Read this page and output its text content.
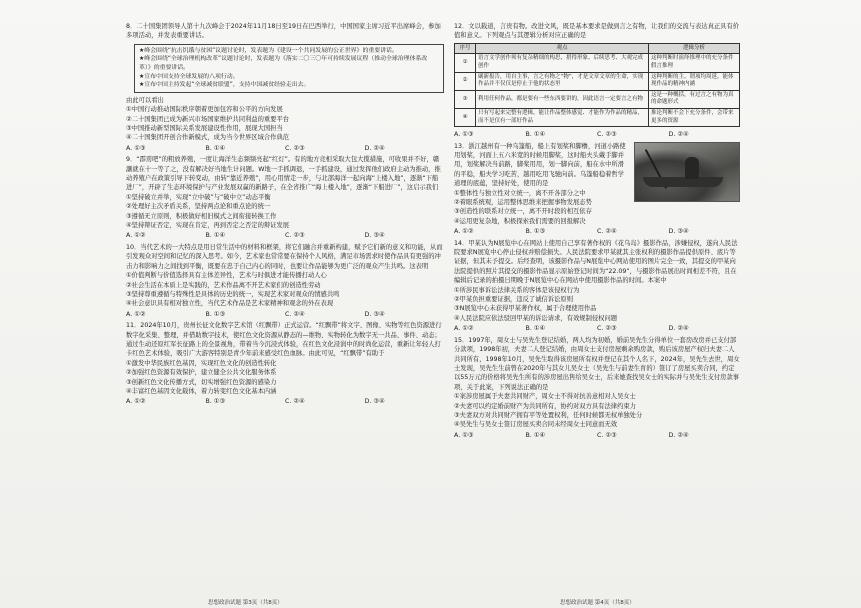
8．二十国集团领导人第十九次峰会于2024年11月18日至19日在巴西举行，中国国家主席习近平出席峰会，参加多项活动，并发表重要讲话。

★峰会围绕“抗击饥饿与贫困”议题讨论时，发表题为《建设一个共同发展的公正世界》的重要讲话。
★峰会围绕“全球治理机构改革”议题讨论时，发表题为《落实二〇三〇年可持续发展议程（推动全球治理体系改革）》的重要讲话。
★宣布中国支持全球发展的八项行动。
★宣布中国主持发起“全球减贫联盟”，支持中国减贫经验走出去。

由此可以看出

①中国行动推动国际秩序朝着更加包容和公平的方向发展

②二十国集团已成为新兴市场国家维护共同利益的重要平台

③中国推动新型国际关系发展建设性作用，展现大国担当

④二十国集团开创合作新模式，成为当今世界区域合作典范

A. ①③	B. ①④	C. ②③	D. ②④

9．“霹雳吧”的粗放养殖，一度让海洋生态频频亮起“红灯”。有的地方竞相采取大包大揽措施，可收果并不好，赣灏就在十一等了之，没有解决好当地生计问题。W地一手抓调退，一手抓建设，通过发挥他们政府主动为推动，推动养殖户在政策引导下转变动，由转“靠近养殖”，用心用情走一步，与北部海洋一起向海“上楼入地”，逐渐“下船进厂”，开辟了生态环境保护与产业发展双赢的新路子，在全省推广“海上楼入地”，逐渐“下船进厂”，这启示我们

①坚持破立并举，实现“立中破”与“破中立”动态平衡

②处理好主次矛盾关系，坚持两点论和重点论的统一

③遵循无立原则，积极做好相旧模式之间衔接转换工作

④坚持辩证否定，实现在肯定，再到否定之否定的辩证发展

A. ①②	B. ①④	C. ②③	D. ③④

10．当代艺术的一大特点是用日常生活中的材料和框架，将它们融合并重新构建，赋予它们新的意义和功能，从而引发观众对空间和记忆的深入思考。如今，艺术家也常常要在保持个人风格，满足市场需求时使作品具有更强的冲击力和影响力之间找到平衡，既要在忠于自己内心的同时，也要让作品能够为更广泛的观众产生共鸣。这表明

①价值判断与价值选择具有主体差异性，艺术与时俱进才能传播打动人心

②社会生活在本质上是实践的，艺术作品离不开艺术家们的创造性劳动

③坚持尊重遵循与特殊性是具体的历史的统一，实现艺术家对观众的情感共鸣

④社会意识具有相对独立性，当代艺术作品是艺术家精神和观念的外在表现

A. ①②	B. ①③	C. ②④	D. ③④

11．2024年10月，贵州长征文化数字艺术馆（红飘带）正式运营。“红飘带”将文字、图像、实物等红色资源进行数字化采集、整理，并借助数字技术，使红色文化资源从静态的—维物、实物转化为数字无一共品、事件、动态；通过生动还原红军长征路上的全景视角，带着当今沉浸式体验，在红色文化浸润中的时尚化运营，重新让年轻人打卡红色艺术体验，吸引广大游客特别是青少年前来感受红色血脉。由此可见，“红飘带”有助于

①激发中华民族红色基因，实现红色文化的创造性转化

②加强红色资源有效保护，建立健全公共文化服务体系

③创新红色文化传播方式，切实增强红色资源的感染力

④丰富红色基因文化载体，着力转变红色文化基本内涵

A. ①②	B. ①③	C. ②④	D. ③④
思想政治试题 第3页（共8页）

12．文以载道，言贵有物。改进文风，既是基本要求是做到言之有物，让我们的交流与表达真正具有价值和意义。下列观点与其逻辑分析对应正确的是

序号	观点	逻辑分析
①	语言文学创作须有复杂精细的构思，措得形象、后续思考、大观完成创作	这种判断时演绎推理中的充分条件假言推理
②	刷新报告，用自主事，言之有物之“物”，才是文章文章的生命，实现作品并不仅仅是停止于他的状态里	这种判断的主、谓项均周延，能体现作品的精神内涵
③	利用任何作品，都是要有一些东西要讲的，因此语言一定要言之有物	这是一种概括，有过言之有物为真的命题形式
④	只有写起来完整有逻辑，能让作品整体感觉、才能作为作品的精品，而不是仅有一部好作品	推论判断不会下充分条件，会带来更多的资源
A. ①③	B. ①④	C. ②③	D. ②④

13．浙江越州有一种乌篷船，船上有划桨和脚橹，河道小路使用划桨，河面上五六米宽的时候用脚桨，这时船夫头戴手脚并用，划桨解决当前路，脚桨用用，划一脚向前，船在水中所滑的平稳，船夫学习吃苦，越用吃用飞驰向前。乌篷船稳着哲学道理的底蕴，坚持好处，使用的是

①整体性与独立性对立统一，离不开各部分之中

②着眼系统观，运用整体思维来把握事物发展态势

③创造性的联系对立统一，离不开时段的相互依存

④运用更复杂地，积极探索我们需要的回报解决

A. ①②	B. ①③	C. ②④	D. ③④

14．甲某认为N展览中心在网站上使用自己享有著作权的《花乌岛》摄影作品，涉嫌侵权，遂向人民法院要求N展览中心停止侵权并赔偿损失。人民法院要求甲某就其主张权利的摄影作品提供原件、底片等证据，但其未予提交。后经查明，该摄影作品与N展览中心网站使用的图片完全一致，其提交的甲某向法院提供的照片其提交的摄影作品显示原始登记时间为“22.09”，与摄影作品展出时间相差不符，且在编辑后记录的拍摄日期晚于N展览中心在网站中使用摄影作品的时间。本案中

①所涉民事诉讼法律关系的客体是该侵权行为

②甲某负担重要证据，违反了诚信诉讼原则

③N展览中心未获得甲某著作权，属于合理使用作品

④人民法院应依法驳回甲某的诉讼请求，有效规制侵权问题

A. ①②	B. ①④	C. ②③	D. ②④

15．1997年，周女士与吴先生登记结婚，两人均为初婚，婚前吴先生分得单位一套房改房并已支付部分款项，1998年初，夫妻二人登记结婚，由周女士支付房屋剩余购房款，购后该房屋产权归夫妻二人共同所有，1998年10月，吴先生取得该房屋所有权并登记在其个人名下，2024年，吴先生去世，周女士发现，吴先生生前曾在2020年与其女儿吴女士（吴先生与前妻生育的）签订了房屋买卖合同，约定以55万元的价格将吴先生所有的涉房屋出售给吴女士，后来她查找吴女士的实际并与吴先生支付房款事项，关于此案，下列说法正确的是

①案涉房屋属于夫妻共同财产，周女士不得对抗善意相对人吴女士

②夫妻可以约定婚前财产为共同所有，协约对双方具有法律约束力

③夫妻双方对共同财产拥有平等处置权利，任何时候都无权单独处分

④吴先生与吴女士签订房屋买卖合同未经周女士同意而无效

A. ①③	B. ①④	C. ②③	D. ②④
思想政治试题 第4页（共8页）
